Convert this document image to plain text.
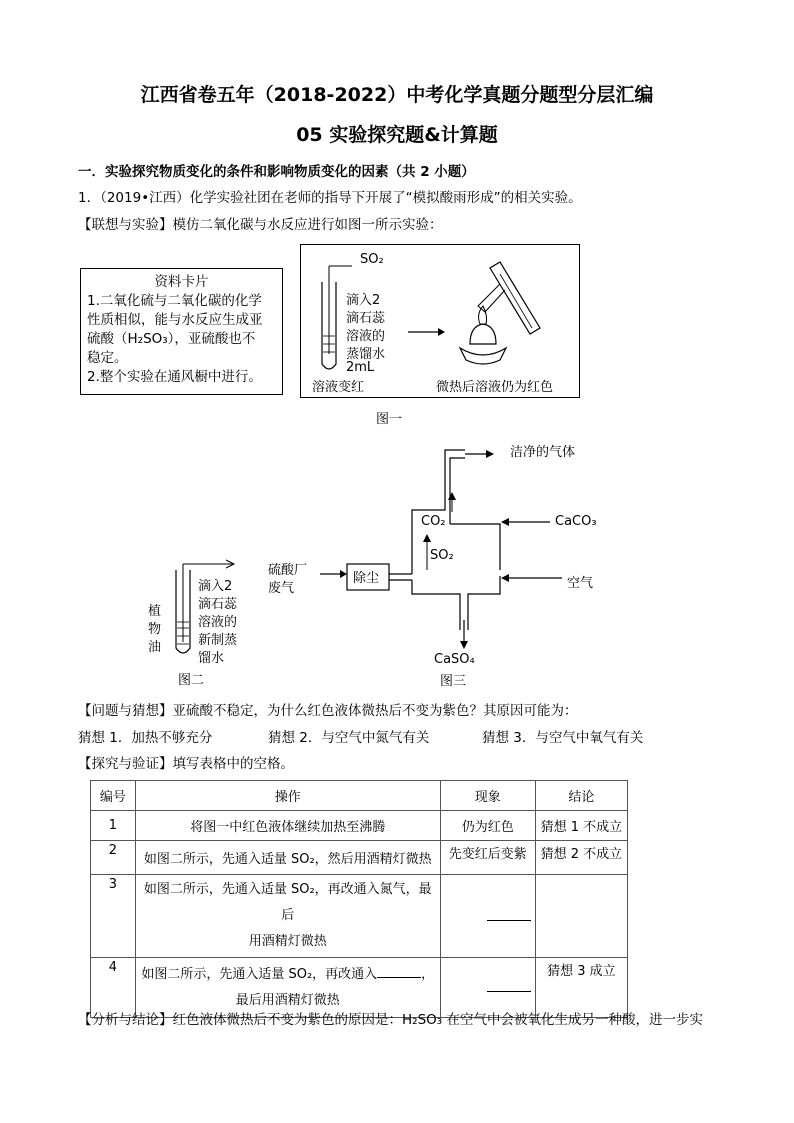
江西省卷五年（2018-2022）中考化学真题分题型分层汇编
05 实验探究题&计算题
一．实验探究物质变化的条件和影响物质变化的因素（共 2 小题）
1．（2019•江西）化学实验社团在老师的指导下开展了“模拟酸雨形成”的相关实验。
【联想与实验】模仿二氧化碳与水反应进行如图一所示实验：
资料卡片
1.二氧化硫与二氧化碳的化学
性质相似，能与水反应生成亚
硫酸（H₂SO₃），亚硫酸也不
稳定。
2.整个实验在通风橱中进行。
SO₂
滴入2
滴石蕊
溶液的
蒸馏水
2mL
溶液变红	微热后溶液仍为红色
图一
滴入2
滴石蕊
溶液的
新制蒸
馏水
植
物
油
图二
洁净的气体
CO₂	CaCO₃
SO₂
硫酸厂
废气
除尘	空气
CaSO₄
图三
【问题与猜想】亚硫酸不稳定，为什么红色液体微热后不变为紫色？其原因可能为：
猜想 1．加热不够充分	猜想 2．与空气中氮气有关	猜想 3．与空气中氧气有关
【探究与验证】填写表格中的空格。
编号	操作	现象	结论
1	将图一中红色液体继续加热至沸腾	仍为红色	猜想 1 不成立
2	如图二所示，先通入适量 SO₂，然后用酒精灯微热	先变红后变紫	猜想 2 不成立
3	如图二所示，先通入适量 SO₂，再改通入氮气，最后
用酒精灯微热		

4	如图二所示，先通入适量 SO₂，再改通入 ，
最后用酒精灯微热		猜想 3 成立
【分析与结论】红色液体微热后不变为紫色的原因是：H₂SO₃ 在空气中会被氧化生成另一种酸，进一步实
